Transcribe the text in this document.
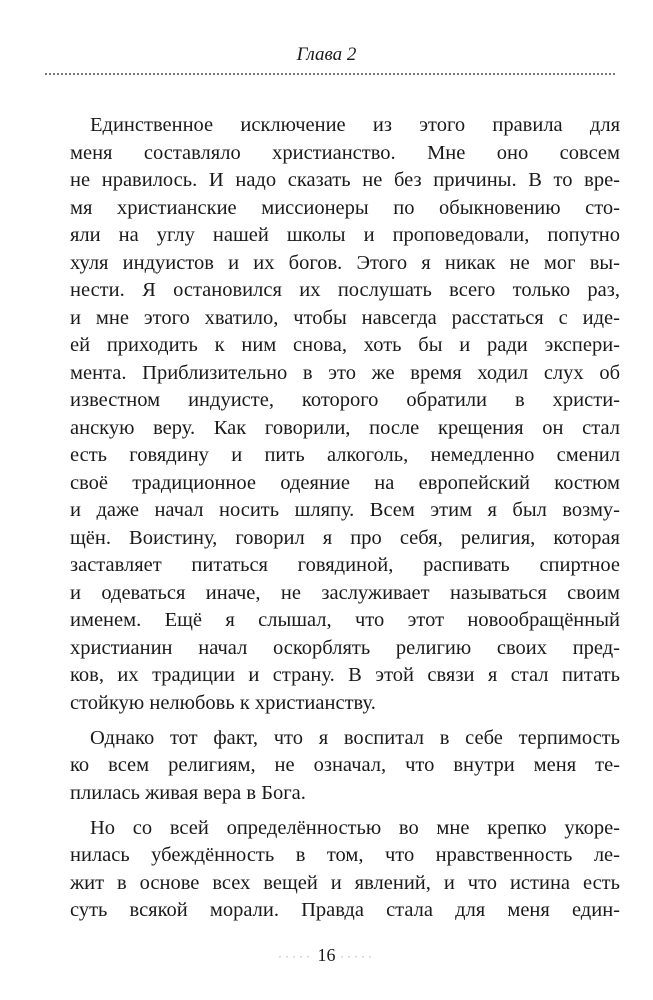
Глава 2
Единственное исключение из этого правила для
меня составляло христианство. Мне оно совсем
не нравилось. И надо сказать не без причины. В то вре-
мя христианские миссионеры по обыкновению сто-
яли на углу нашей школы и проповедовали, попутно
хуля индуистов и их богов. Этого я никак не мог вы-
нести. Я остановился их послушать всего только раз,
и мне этого хватило, чтобы навсегда расстаться с иде-
ей приходить к ним снова, хоть бы и ради экспери-
мента. Приблизительно в это же время ходил слух об
известном индуисте, которого обратили в христи-
анскую веру. Как говорили, после крещения он стал
есть говядину и пить алкоголь, немедленно сменил
своё традиционное одеяние на европейский костюм
и даже начал носить шляпу. Всем этим я был возму-
щён. Воистину, говорил я про себя, религия, которая
заставляет питаться говядиной, распивать спиртное
и одеваться иначе, не заслуживает называться своим
именем. Ещё я слышал, что этот новообращённый
христианин начал оскорблять религию своих пред-
ков, их традиции и страну. В этой связи я стал питать
стойкую нелюбовь к христианству.
Однако тот факт, что я воспитал в себе терпимость
ко всем религиям, не означал, что внутри меня те-
плилась живая вера в Бога.
Но со всей определённостью во мне крепко укоре-
нилась убеждённость в том, что нравственность ле-
жит в основе всех вещей и явлений, и что истина есть
суть всякой морали. Правда стала для меня един-
····· 16 ·····
